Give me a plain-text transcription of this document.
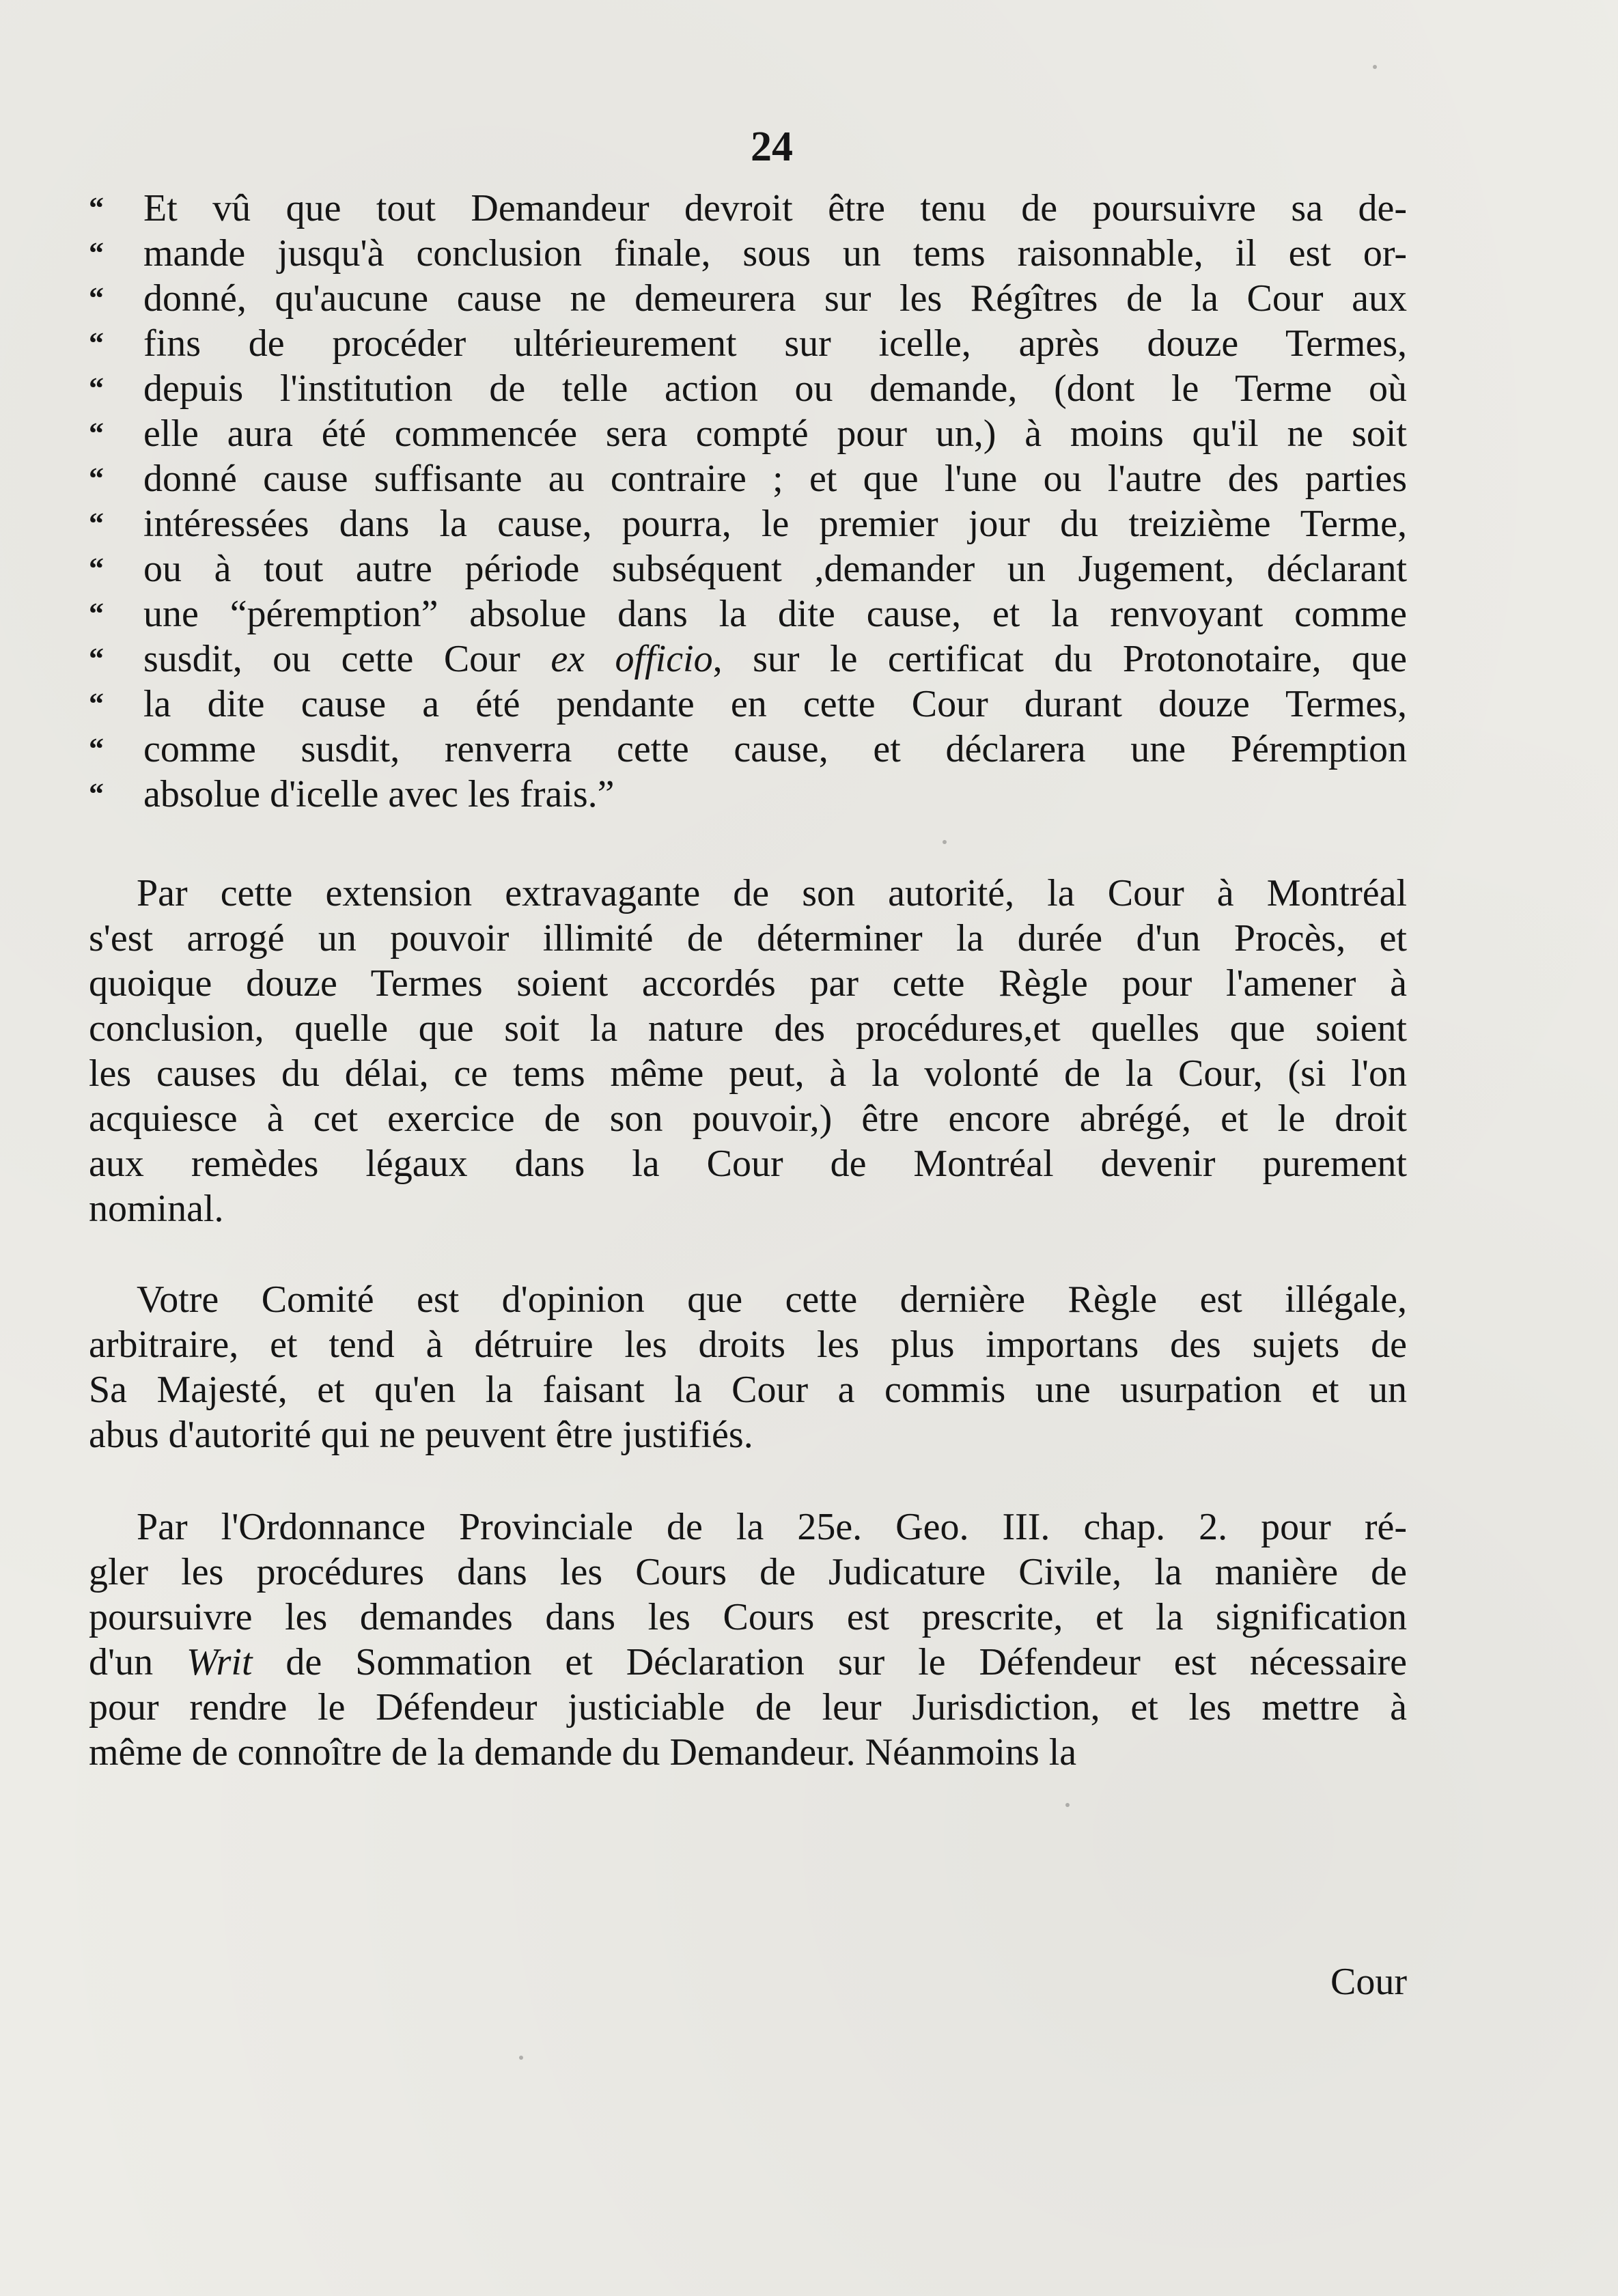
24
“	Et vû que tout Demandeur devroit être tenu de poursuivre sa de-
“	mande jusqu'à conclusion finale, sous un tems raisonnable, il est or-
“	donné, qu'aucune cause ne demeurera sur les Régîtres de la Cour aux
“	fins de procéder ultérieurement sur icelle, après douze Termes,
“	depuis l'institution de telle action ou demande, (dont le Terme où
“	elle aura été commencée sera compté pour un,) à moins qu'il ne soit
“	donné cause suffisante au contraire ; et que l'une ou l'autre des parties
“	intéressées dans la cause, pourra, le premier jour du treizième Terme,
“	ou à tout autre période subséquent ,demander un Jugement, déclarant
“	une “péremption” absolue dans la dite cause, et la renvoyant comme
“	susdit, ou cette Cour ex officio, sur le certificat du Protonotaire, que
“	la dite cause a été pendante en cette Cour durant douze Termes,
“	comme susdit, renverra cette cause, et déclarera une Péremption
“	absolue d'icelle avec les frais.”
Par cette extension extravagante de son autorité, la Cour à Montréal
s'est arrogé un pouvoir illimité de déterminer la durée d'un Procès, et
quoique douze Termes soient accordés par cette Règle pour l'amener à
conclusion, quelle que soit la nature des procédures,et quelles que soient
les causes du délai, ce tems même peut, à la volonté de la Cour, (si l'on
acquiesce à cet exercice de son pouvoir,) être encore abrégé, et le droit
aux remèdes légaux dans la Cour de Montréal devenir purement
nominal.
Votre Comité est d'opinion que cette dernière Règle est illégale,
arbitraire, et tend à détruire les droits les plus importans des sujets de
Sa Majesté, et qu'en la faisant la Cour a commis une usurpation et un
abus d'autorité qui ne peuvent être justifiés.
Par l'Ordonnance Provinciale de la 25e. Geo. III. chap. 2. pour ré-
gler les procédures dans les Cours de Judicature Civile, la manière de
poursuivre les demandes dans les Cours est prescrite, et la signification
d'un Writ de Sommation et Déclaration sur le Défendeur est nécessaire
pour rendre le Défendeur justiciable de leur Jurisdiction, et les mettre à
même de connoître de la demande du Demandeur. Néanmoins la
Cour
